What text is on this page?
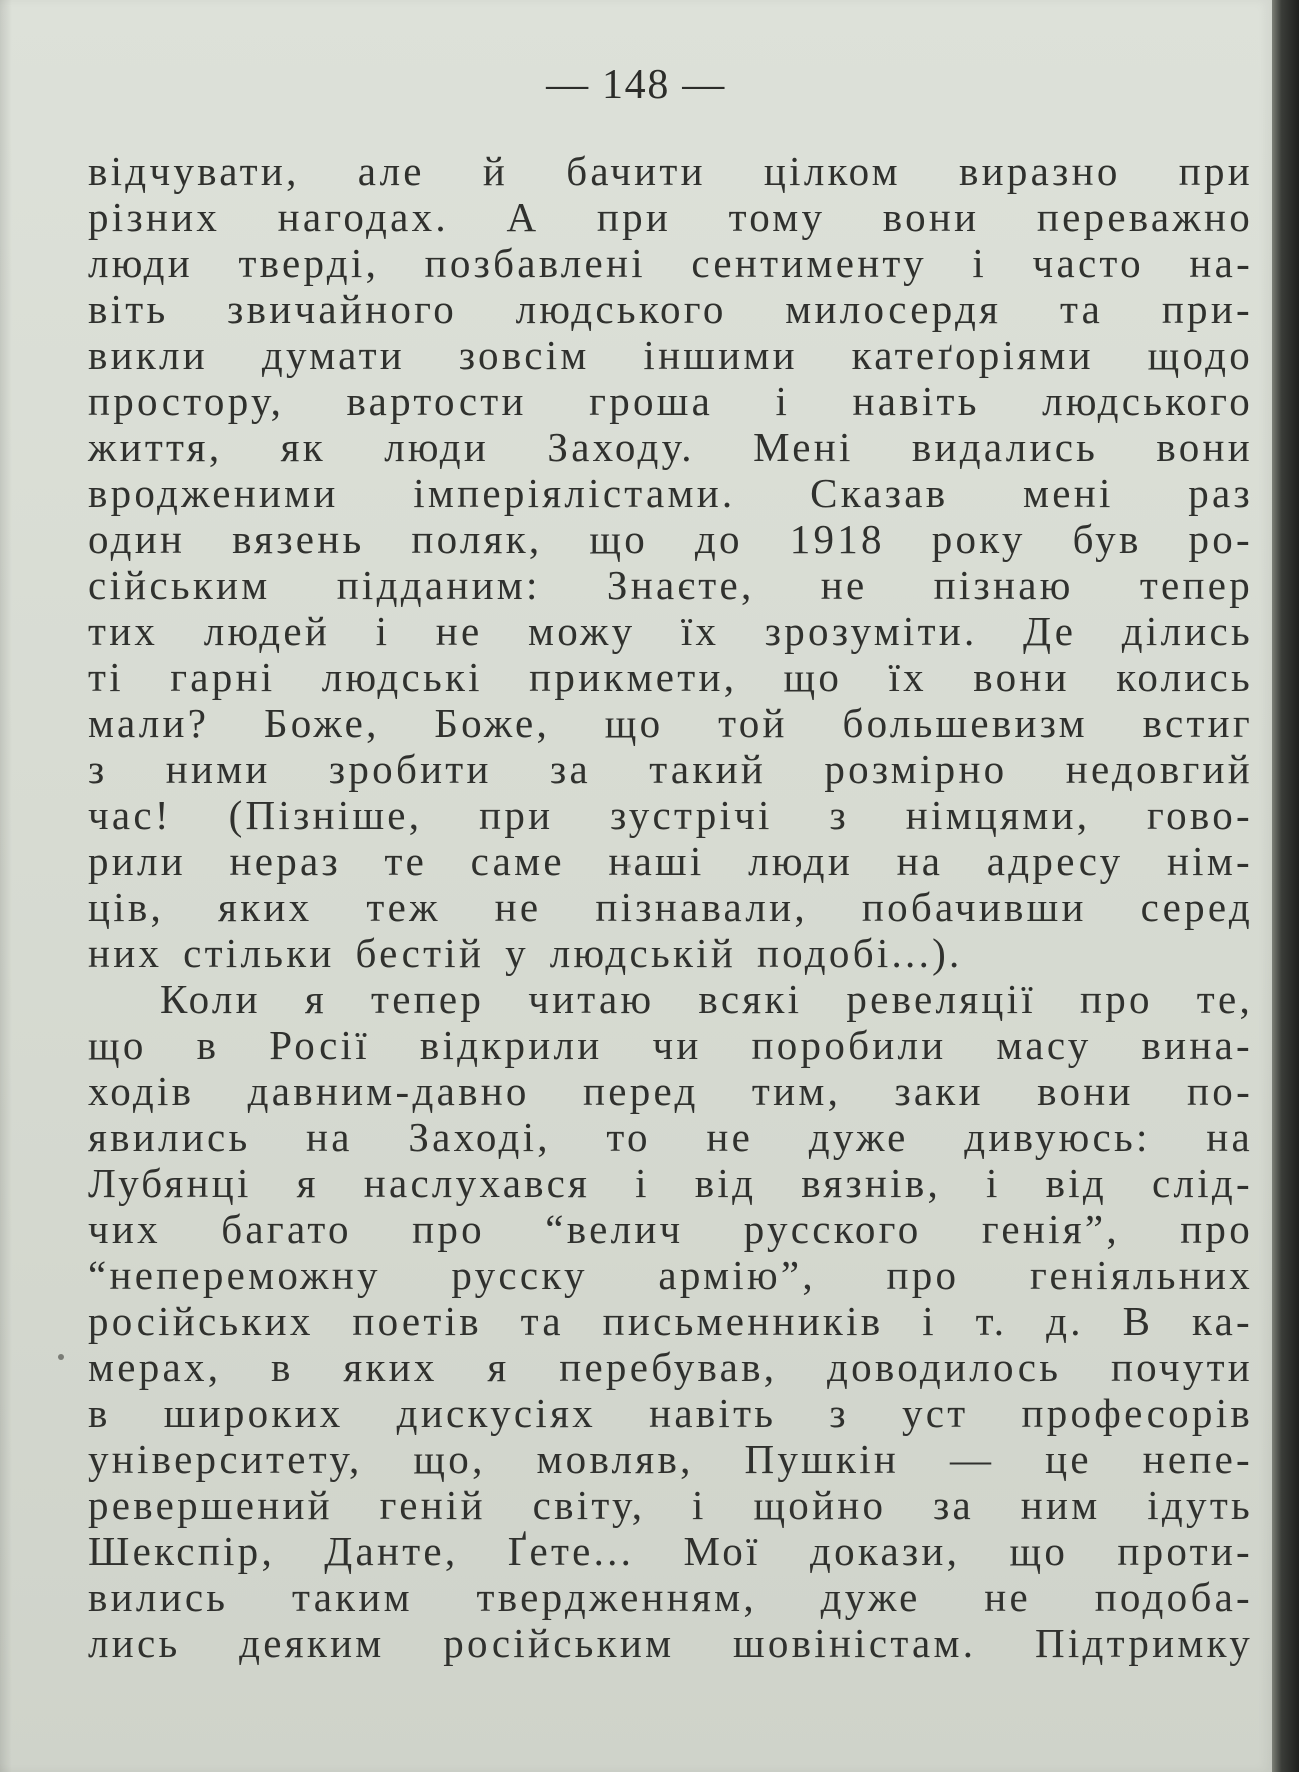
— 148 —
відчувати, але й бачити цілком виразно при
різних нагодах. А при тому вони переважно
люди тверді, позбавлені сентименту і часто на-
віть звичайного людського милосердя та при-
викли думати зовсім іншими катеґоріями щодо
простору, вартости гроша і навіть людського
життя, як люди Заходу. Мені видались вони
вродженими імперіялістами. Сказав мені раз
один вязень поляк, що до 1918 року був ро-
сійським підданим: Знаєте, не пізнаю тепер
тих людей і не можу їх зрозуміти. Де ділись
ті гарні людські прикмети, що їх вони колись
мали? Боже, Боже, що той большевизм встиг
з ними зробити за такий розмірно недовгий
час! (Пізніше, при зустрічі з німцями, гово-
рили нераз те саме наші люди на адресу нім-
ців, яких теж не пізнавали, побачивши серед
них стільки бестій у людській подобі...).
Коли я тепер читаю всякі ревеляції про те,
що в Росії відкрили чи поробили масу вина-
ходів давним-давно перед тим, заки вони по-
явились на Заході, то не дуже дивуюсь: на
Лубянці я наслухався і від вязнів, і від слід-
чих багато про “велич русского генія”, про
“непереможну русску армію”, про геніяльних
російських поетів та письменників і т. д. В ка-
мерах, в яких я перебував, доводилось почути
в широких дискусіях навіть з уст професорів
університету, що, мовляв, Пушкін — це непе-
ревершений геній світу, і щойно за ним ідуть
Шекспір, Данте, Ґете... Мої докази, що проти-
вились таким твердженням, дуже не подоба-
лись деяким російським шовіністам. Підтримку
